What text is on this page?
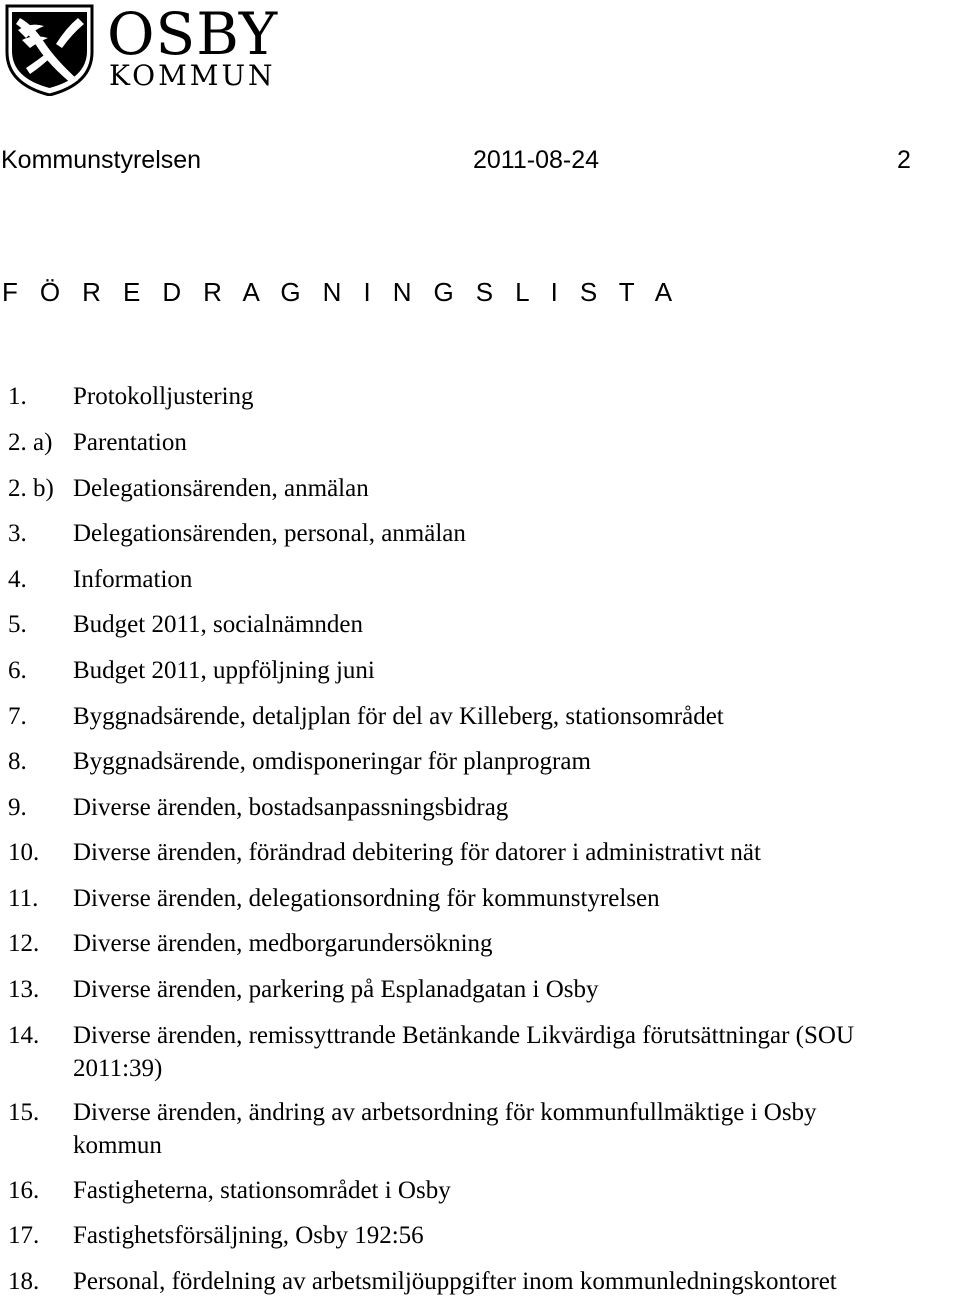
OSBY
KOMMUN
Kommunstyrelsen	2011-08-24	2
F Ö R E D R A G N I N G S L I S T A
1. Protokolljustering
2. a) Parentation
2. b) Delegationsärenden, anmälan
3. Delegationsärenden, personal, anmälan
4. Information
5. Budget 2011, socialnämnden
6. Budget 2011, uppföljning juni
7. Byggnadsärende, detaljplan för del av Killeberg, stationsområdet
8. Byggnadsärende, omdisponeringar för planprogram
9. Diverse ärenden, bostadsanpassningsbidrag
10. Diverse ärenden, förändrad debitering för datorer i administrativt nät
11. Diverse ärenden, delegationsordning för kommunstyrelsen
12. Diverse ärenden, medborgarundersökning
13. Diverse ärenden, parkering på Esplanadgatan i Osby
14. Diverse ärenden, remissyttrande Betänkande Likvärdiga förutsättningar (SOU
2011:39)
15. Diverse ärenden, ändring av arbetsordning för kommunfullmäktige i Osby
kommun
16. Fastigheterna, stationsområdet i Osby
17. Fastighetsförsäljning, Osby 192:56
18. Personal, fördelning av arbetsmiljöuppgifter inom kommunledningskontoret
